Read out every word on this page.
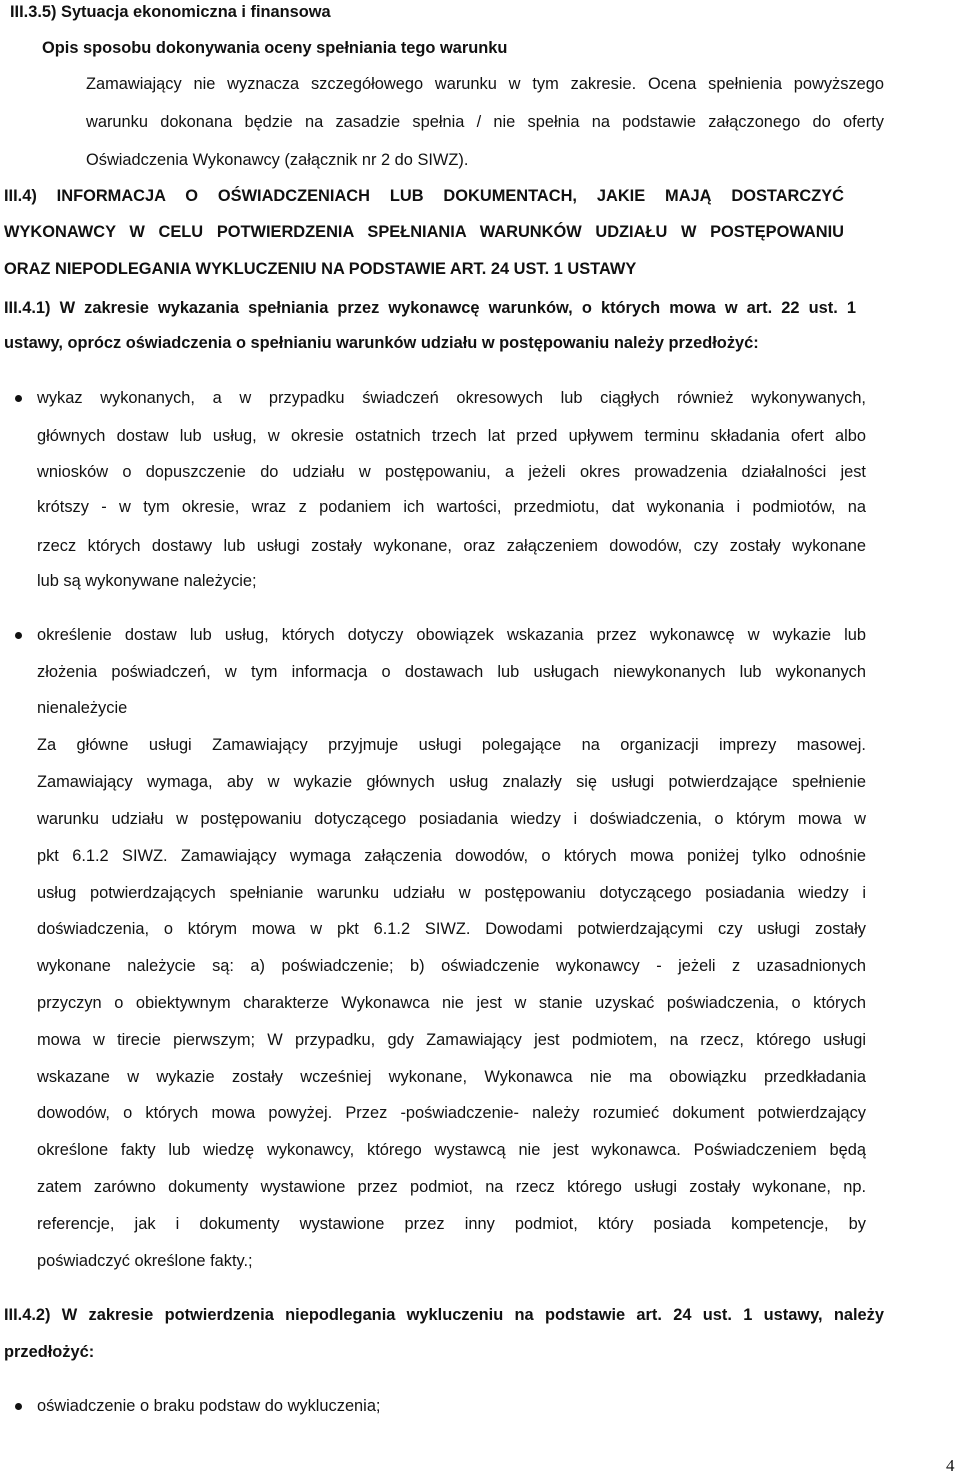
III.3.5) Sytuacja ekonomiczna i finansowa
Opis sposobu dokonywania oceny spełniania tego warunku
Zamawiający nie wyznacza szczegółowego warunku w tym zakresie. Ocena spełnienia powyższego
warunku dokonana będzie na zasadzie spełnia / nie spełnia na podstawie załączonego do oferty
Oświadczenia Wykonawcy (załącznik nr 2 do SIWZ).
III.4) INFORMACJA O OŚWIADCZENIACH LUB DOKUMENTACH, JAKIE MAJĄ DOSTARCZYĆ
WYKONAWCY W CELU POTWIERDZENIA SPEŁNIANIA WARUNKÓW UDZIAŁU W POSTĘPOWANIU
ORAZ NIEPODLEGANIA WYKLUCZENIU NA PODSTAWIE ART. 24 UST. 1 USTAWY
III.4.1) W zakresie wykazania spełniania przez wykonawcę warunków, o których mowa w art. 22 ust. 1
ustawy, oprócz oświadczenia o spełnianiu warunków udziału w postępowaniu należy przedłożyć:
wykaz wykonanych, a w przypadku świadczeń okresowych lub ciągłych również wykonywanych,
głównych dostaw lub usług, w okresie ostatnich trzech lat przed upływem terminu składania ofert albo
wniosków o dopuszczenie do udziału w postępowaniu, a jeżeli okres prowadzenia działalności jest
krótszy - w tym okresie, wraz z podaniem ich wartości, przedmiotu, dat wykonania i podmiotów, na
rzecz których dostawy lub usługi zostały wykonane, oraz załączeniem dowodów, czy zostały wykonane
lub są wykonywane należycie;
określenie dostaw lub usług, których dotyczy obowiązek wskazania przez wykonawcę w wykazie lub
złożenia poświadczeń, w tym informacja o dostawach lub usługach niewykonanych lub wykonanych
nienależycie
Za główne usługi Zamawiający przyjmuje usługi polegające na organizacji imprezy masowej.
Zamawiający wymaga, aby w wykazie głównych usług znalazły się usługi potwierdzające spełnienie
warunku udziału w postępowaniu dotyczącego posiadania wiedzy i doświadczenia, o którym mowa w
pkt 6.1.2 SIWZ. Zamawiający wymaga załączenia dowodów, o których mowa poniżej tylko odnośnie
usług potwierdzających spełnianie warunku udziału w postępowaniu dotyczącego posiadania wiedzy i
doświadczenia, o którym mowa w pkt 6.1.2 SIWZ. Dowodami potwierdzającymi czy usługi zostały
wykonane należycie są: a) poświadczenie; b) oświadczenie wykonawcy - jeżeli z uzasadnionych
przyczyn o obiektywnym charakterze Wykonawca nie jest w stanie uzyskać poświadczenia, o których
mowa w tirecie pierwszym; W przypadku, gdy Zamawiający jest podmiotem, na rzecz, którego usługi
wskazane w wykazie zostały wcześniej wykonane, Wykonawca nie ma obowiązku przedkładania
dowodów, o których mowa powyżej. Przez -poświadczenie- należy rozumieć dokument potwierdzający
określone fakty lub wiedzę wykonawcy, którego wystawcą nie jest wykonawca. Poświadczeniem będą
zatem zarówno dokumenty wystawione przez podmiot, na rzecz którego usługi zostały wykonane, np.
referencje, jak i dokumenty wystawione przez inny podmiot, który posiada kompetencje, by
poświadczyć określone fakty.;
III.4.2) W zakresie potwierdzenia niepodlegania wykluczeniu na podstawie art. 24 ust. 1 ustawy, należy
przedłożyć:
oświadczenie o braku podstaw do wykluczenia;
4
